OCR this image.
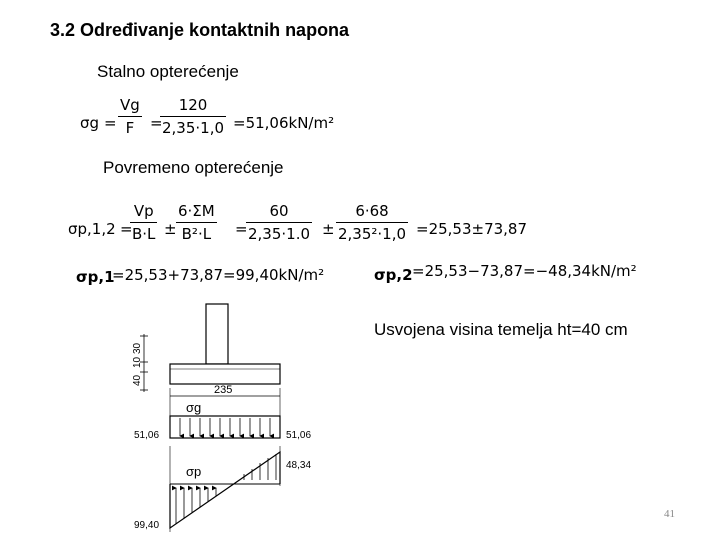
3.2 Određivanje kontaktnih napona
Stalno opterećenje
$\sigma g = \frac{Vg}{F}$ =
$\frac{120}{2,35\cdot 1,0} =51,06kN/m^2$
Povremeno opterećenje
σp,1,2 =
$\frac{Vp}{B\cdot L} \pm \frac{6\cdot\Sigma M}{\text{B²·L}}$ =
$\frac{60}{2,35\cdot 1.0} \pm \frac{6\cdot 68}{\text{2,35²·1,0}} =25,53\pm 73,87$
σp,1
=25,53+73,87=99,40kN/m²	σp,2 =25,53−73,87=−48,34kN/m²
Usvojena visina temelja ht=40 cm
40
10
30
235
σg
51,06	51,06
σp	48,34
99,40
41
